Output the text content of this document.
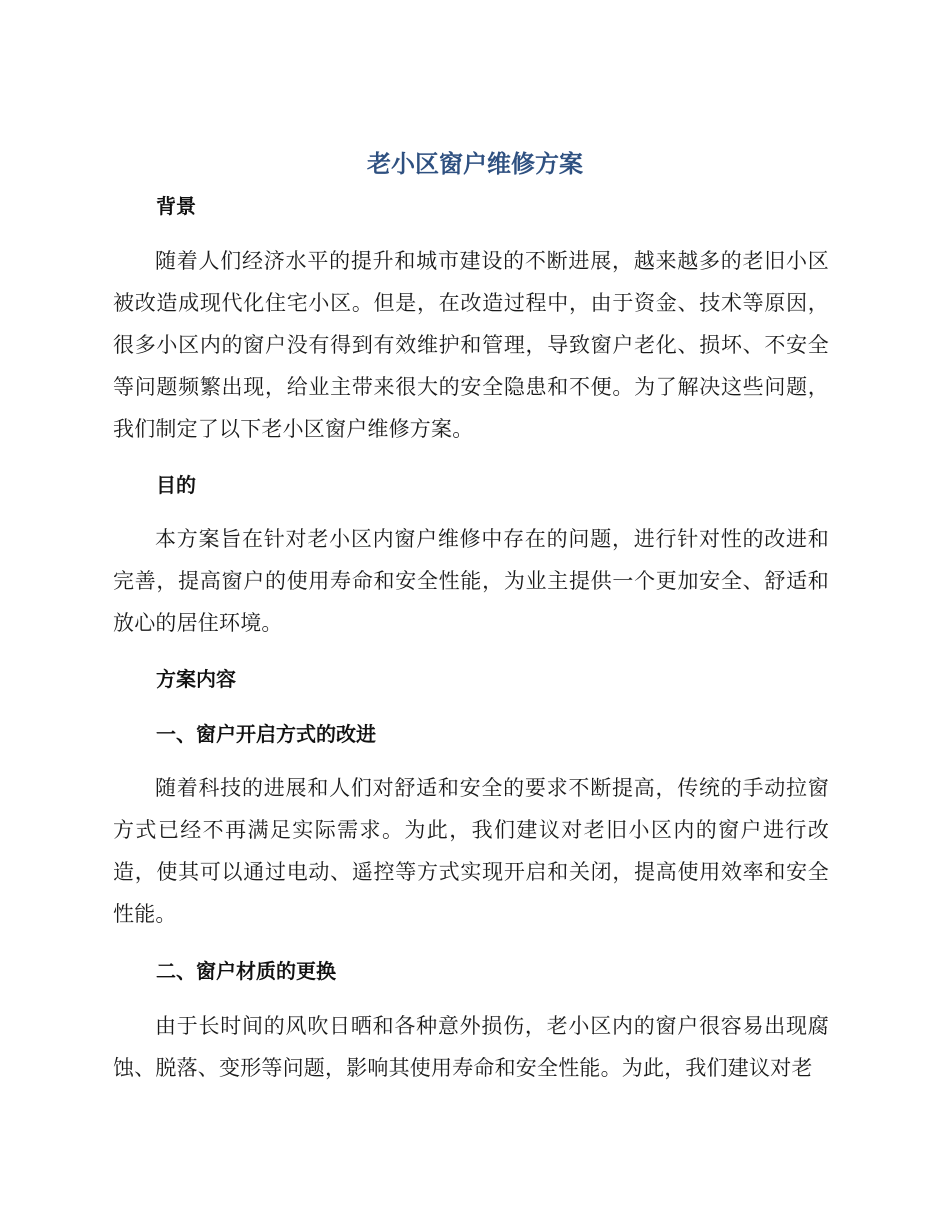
老小区窗户维修方案
背景
随着人们经济水平的提升和城市建设的不断进展，越来越多的老旧小区被改造成现代化住宅小区。但是，在改造过程中，由于资金、技术等原因，很多小区内的窗户没有得到有效维护和管理，导致窗户老化、损坏、不安全等问题频繁出现，给业主带来很大的安全隐患和不便。为了解决这些问题，我们制定了以下老小区窗户维修方案。
目的
本方案旨在针对老小区内窗户维修中存在的问题，进行针对性的改进和完善，提高窗户的使用寿命和安全性能，为业主提供一个更加安全、舒适和放心的居住环境。
方案内容
一、窗户开启方式的改进
随着科技的进展和人们对舒适和安全的要求不断提高，传统的手动拉窗方式已经不再满足实际需求。为此，我们建议对老旧小区内的窗户进行改造，使其可以通过电动、遥控等方式实现开启和关闭，提高使用效率和安全性能。
二、窗户材质的更换
由于长时间的风吹日晒和各种意外损伤，老小区内的窗户很容易出现腐蚀、脱落、变形等问题，影响其使用寿命和安全性能。为此，我们建议对老
